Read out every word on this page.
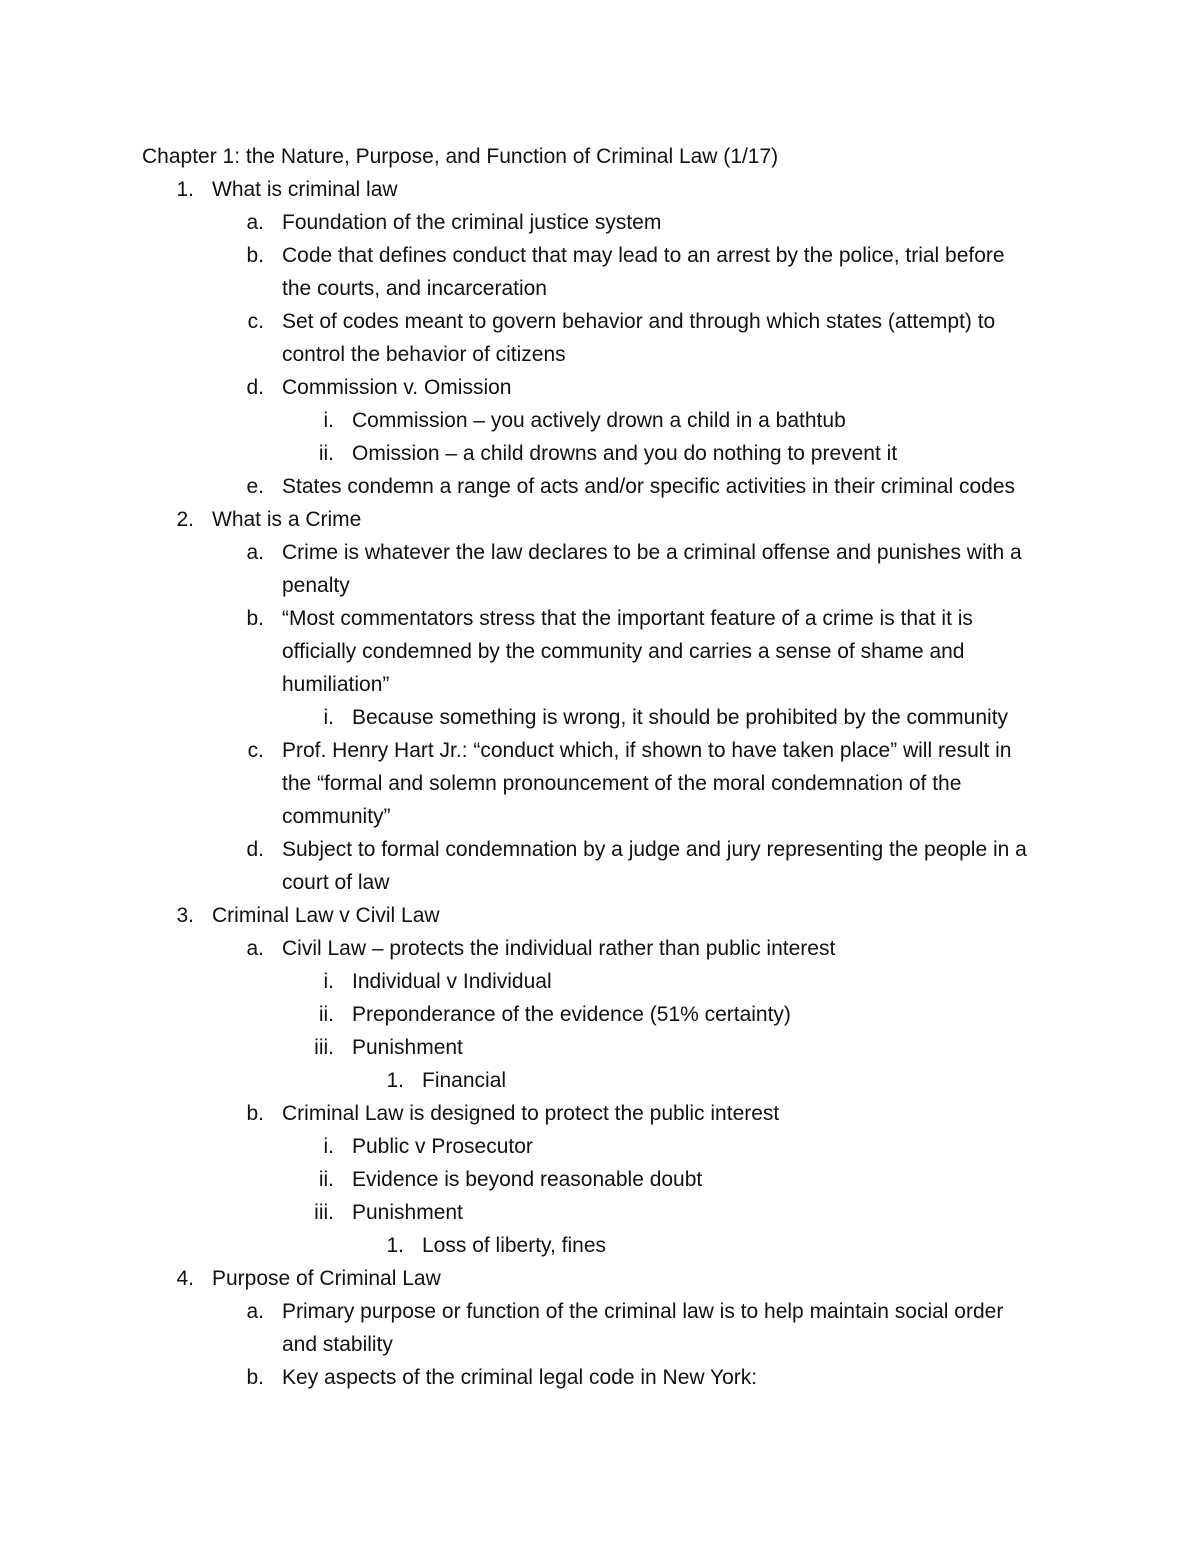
Chapter 1: the Nature, Purpose, and Function of Criminal Law (1/17)
1. What is criminal law
a. Foundation of the criminal justice system
b. Code that defines conduct that may lead to an arrest by the police, trial before
the courts, and incarceration
c. Set of codes meant to govern behavior and through which states (attempt) to
control the behavior of citizens
d. Commission v. Omission
i. Commission – you actively drown a child in a bathtub
ii. Omission – a child drowns and you do nothing to prevent it
e. States condemn a range of acts and/or specific activities in their criminal codes
2. What is a Crime
a. Crime is whatever the law declares to be a criminal offense and punishes with a
penalty
b. “Most commentators stress that the important feature of a crime is that it is
officially condemned by the community and carries a sense of shame and
humiliation”
i. Because something is wrong, it should be prohibited by the community
c. Prof. Henry Hart Jr.: “conduct which, if shown to have taken place” will result in
the “formal and solemn pronouncement of the moral condemnation of the
community”
d. Subject to formal condemnation by a judge and jury representing the people in a
court of law
3. Criminal Law v Civil Law
a. Civil Law – protects the individual rather than public interest
i. Individual v Individual
ii. Preponderance of the evidence (51% certainty)
iii. Punishment
1. Financial
b. Criminal Law is designed to protect the public interest
i. Public v Prosecutor
ii. Evidence is beyond reasonable doubt
iii. Punishment
1. Loss of liberty, fines
4. Purpose of Criminal Law
a. Primary purpose or function of the criminal law is to help maintain social order
and stability
b. Key aspects of the criminal legal code in New York:
